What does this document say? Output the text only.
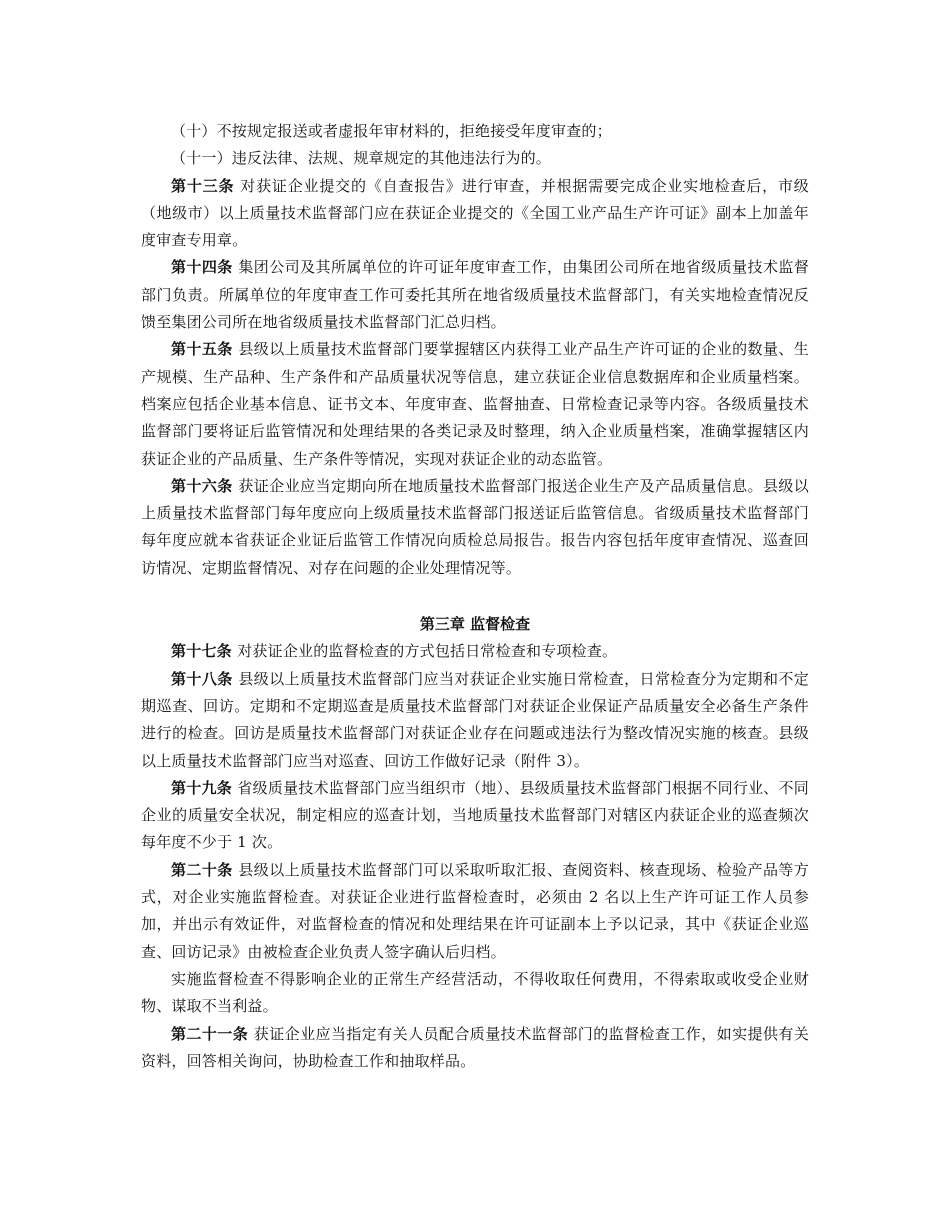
（十）不按规定报送或者虚报年审材料的，拒绝接受年度审查的；

（十一）违反法律、法规、规章规定的其他违法行为的。

第十三条 对获证企业提交的《自查报告》进行审查，并根据需要完成企业实地检查后，市级（地级市）以上质量技术监督部门应在获证企业提交的《全国工业产品生产许可证》副本上加盖年度审查专用章。

第十四条 集团公司及其所属单位的许可证年度审查工作，由集团公司所在地省级质量技术监督部门负责。所属单位的年度审查工作可委托其所在地省级质量技术监督部门，有关实地检查情况反馈至集团公司所在地省级质量技术监督部门汇总归档。

第十五条 县级以上质量技术监督部门要掌握辖区内获得工业产品生产许可证的企业的数量、生产规模、生产品种、生产条件和产品质量状况等信息，建立获证企业信息数据库和企业质量档案。档案应包括企业基本信息、证书文本、年度审查、监督抽查、日常检查记录等内容。各级质量技术监督部门要将证后监管情况和处理结果的各类记录及时整理，纳入企业质量档案，准确掌握辖区内获证企业的产品质量、生产条件等情况，实现对获证企业的动态监管。

第十六条 获证企业应当定期向所在地质量技术监督部门报送企业生产及产品质量信息。县级以上质量技术监督部门每年度应向上级质量技术监督部门报送证后监管信息。省级质量技术监督部门每年度应就本省获证企业证后监管工作情况向质检总局报告。报告内容包括年度审查情况、巡查回访情况、定期监督情况、对存在问题的企业处理情况等。

第三章 监督检查

第十七条 对获证企业的监督检查的方式包括日常检查和专项检查。

第十八条 县级以上质量技术监督部门应当对获证企业实施日常检查，日常检查分为定期和不定期巡查、回访。定期和不定期巡查是质量技术监督部门对获证企业保证产品质量安全必备生产条件进行的检查。回访是质量技术监督部门对获证企业存在问题或违法行为整改情况实施的核查。县级以上质量技术监督部门应当对巡查、回访工作做好记录（附件 3）。

第十九条 省级质量技术监督部门应当组织市（地）、县级质量技术监督部门根据不同行业、不同企业的质量安全状况，制定相应的巡查计划，当地质量技术监督部门对辖区内获证企业的巡查频次每年度不少于 1 次。

第二十条 县级以上质量技术监督部门可以采取听取汇报、查阅资料、核查现场、检验产品等方式，对企业实施监督检查。对获证企业进行监督检查时，必须由 2 名以上生产许可证工作人员参加，并出示有效证件，对监督检查的情况和处理结果在许可证副本上予以记录，其中《获证企业巡查、回访记录》由被检查企业负责人签字确认后归档。

实施监督检查不得影响企业的正常生产经营活动，不得收取任何费用，不得索取或收受企业财物、谋取不当利益。

第二十一条 获证企业应当指定有关人员配合质量技术监督部门的监督检查工作，如实提供有关资料，回答相关询问，协助检查工作和抽取样品。
